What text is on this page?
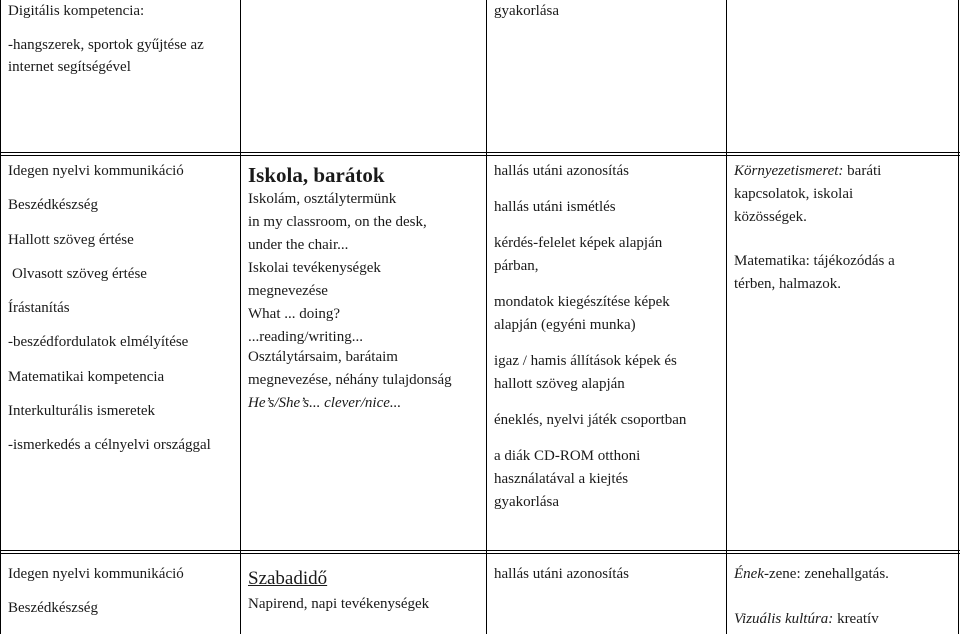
Digitális kompetencia:
-hangszerek, sportok gyűjtése az
internet segítségével
gyakorlása
Idegen nyelvi kommunikáció
Beszédkészség
Hallott szöveg értése
Olvasott szöveg értése
Írástanítás
-beszédfordulatok elmélyítése
Matematikai kompetencia
Interkulturális ismeretek
-ismerkedés a célnyelvi országgal
Iskola, barátok
Iskolám, osztálytermünk
in my classroom, on the desk,
under the chair...
Iskolai tevékenységek
megnevezése
What ... doing?
...reading/writing...
Osztálytársaim, barátaim
megnevezése, néhány tulajdonság
He’s/She’s... clever/nice...
hallás utáni azonosítás
hallás utáni ismétlés
kérdés-felelet képek alapján
párban,
mondatok kiegészítése képek
alapján (egyéni munka)
igaz / hamis állítások képek és
hallott szöveg alapján
éneklés, nyelvi játék csoportban
a diák CD-ROM otthoni
használatával a kiejtés
gyakorlása
Környezetismeret: baráti
kapcsolatok, iskolai
közösségek.
Matematika: tájékozódás a
térben, halmazok.
Idegen nyelvi kommunikáció
Beszédkészség
Szabadidő
Napirend, napi tevékenységek
hallás utáni azonosítás	Ének-zene: zenehallgatás.
Vizuális kultúra: kreatív
